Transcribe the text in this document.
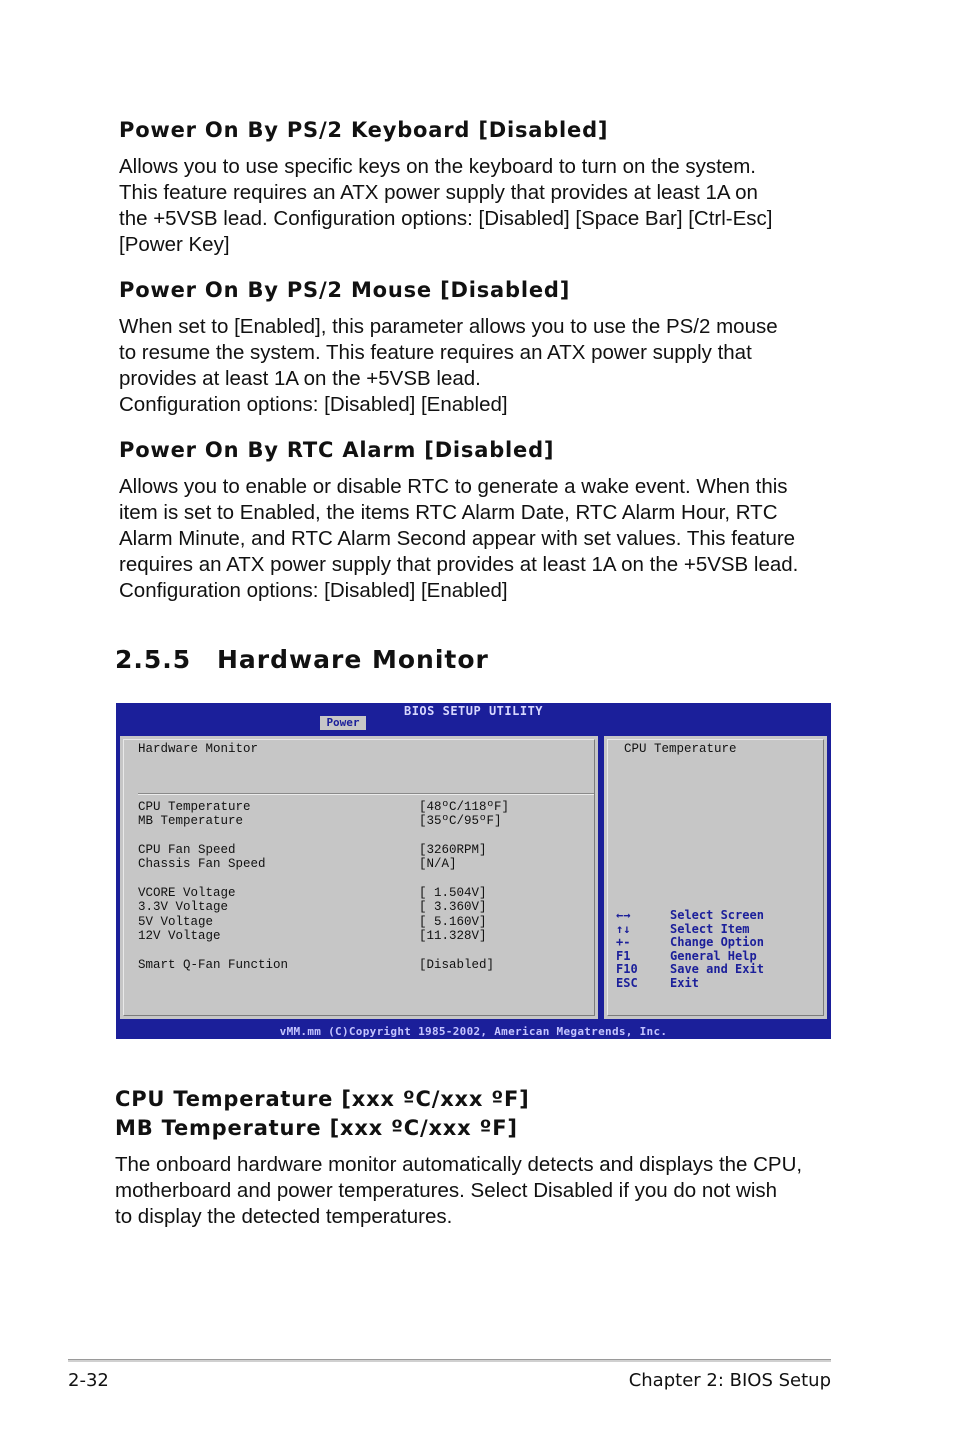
Power On By PS/2 Keyboard [Disabled]

Allows you to use specific keys on the keyboard to turn on the system.
This feature requires an ATX power supply that provides at least 1A on
the +5VSB lead. Configuration options: [Disabled] [Space Bar] [Ctrl-Esc]
[Power Key]

Power On By PS/2 Mouse [Disabled]

When set to [Enabled], this parameter allows you to use the PS/2 mouse
to resume the system. This feature requires an ATX power supply that
provides at least 1A on the +5VSB lead.
Configuration options: [Disabled] [Enabled]

Power On By RTC Alarm [Disabled]

Allows you to enable or disable RTC to generate a wake event. When this
item is set to Enabled, the items RTC Alarm Date, RTC Alarm Hour, RTC
Alarm Minute, and RTC Alarm Second appear with set values. This feature
requires an ATX power supply that provides at least 1A on the +5VSB lead.
Configuration options: [Disabled] [Enabled]

2.5.5 Hardware Monitor
BIOS SETUP UTILITY
Power
Hardware Monitor
CPU Temperature	[48ºC/118ºF]
MB Temperature	[35ºC/95ºF]
CPU Fan Speed	[3260RPM]
Chassis Fan Speed	[N/A]
VCORE Voltage	[ 1.504V]
3.3V Voltage	[ 3.360V]
5V Voltage	[ 5.160V]
12V Voltage	[11.328V]
Smart Q-Fan Function	[Disabled]
CPU Temperature
←→	Select Screen
↑↓	Select Item
+-	Change Option
F1	General Help
F10	Save and Exit
ESC	Exit
vMM.mm (C)Copyright 1985-2002, American Megatrends, Inc.
CPU Temperature [xxx ºC/xxx ºF]
MB Temperature [xxx ºC/xxx ºF]

The onboard hardware monitor automatically detects and displays the CPU,
motherboard and power temperatures. Select Disabled if you do not wish
to display the detected temperatures.

2-32	Chapter 2: BIOS Setup
